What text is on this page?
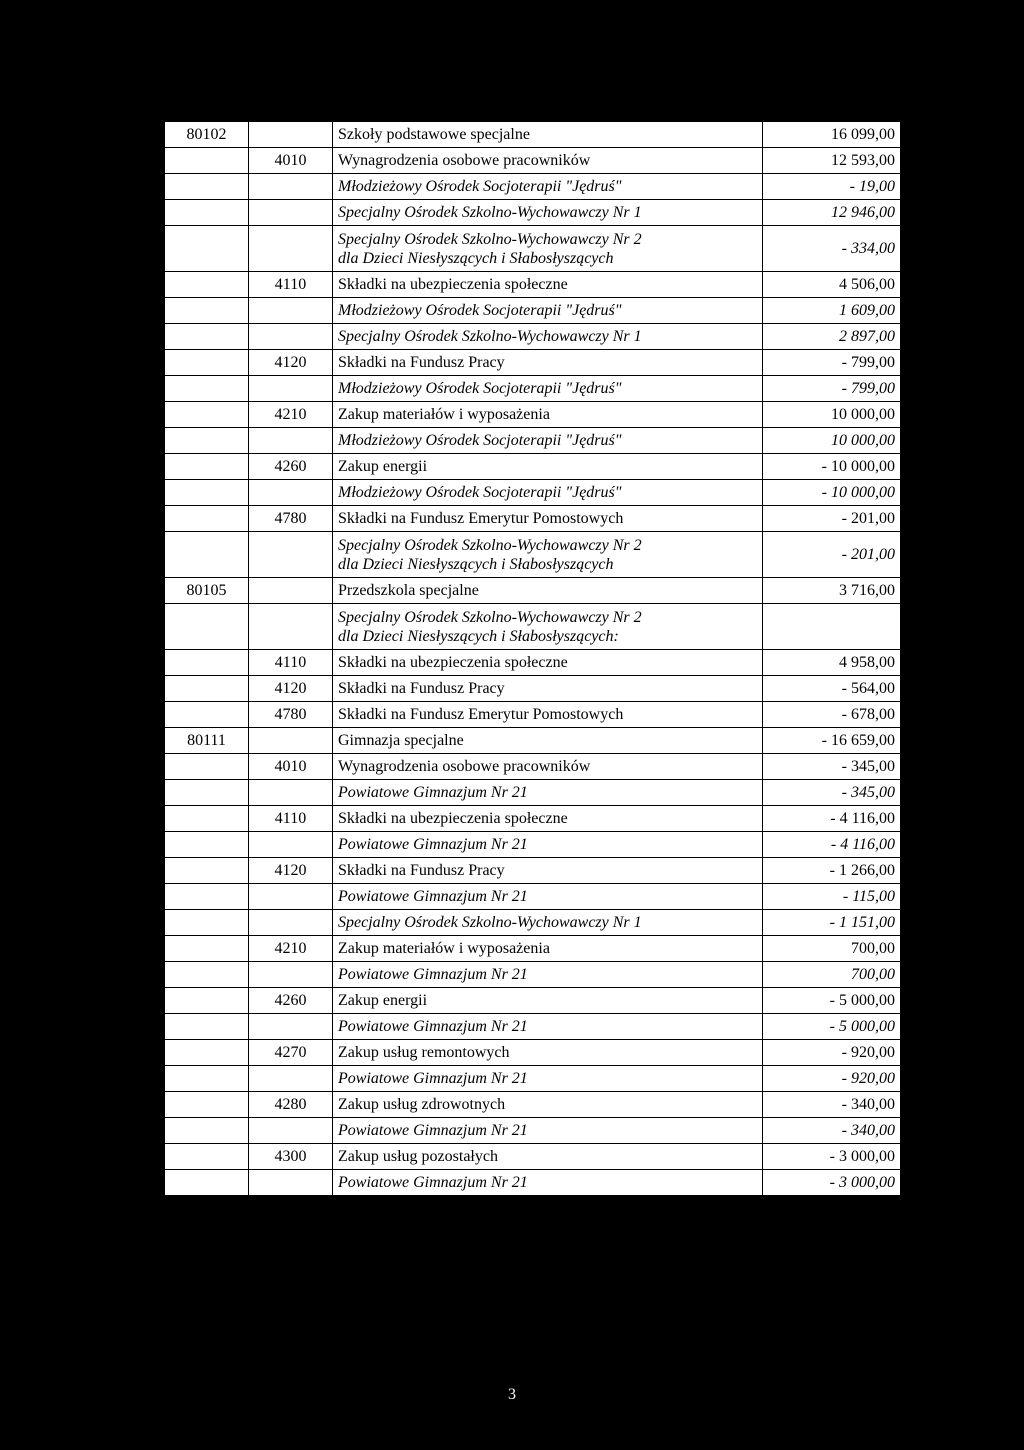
80102		Szkoły podstawowe specjalne	16 099,00
	4010	Wynagrodzenia osobowe pracowników	12 593,00
		Młodzieżowy Ośrodek Socjoterapii "Jędruś"	- 19,00
		Specjalny Ośrodek Szkolno-Wychowawczy Nr 1	12 946,00

		Specjalny Ośrodek Szkolno-Wychowawczy Nr 2
dla Dzieci Niesłyszących i Słabosłyszących	- 334,00
	4110	Składki na ubezpieczenia społeczne	4 506,00
		Młodzieżowy Ośrodek Socjoterapii "Jędruś"	1 609,00
		Specjalny Ośrodek Szkolno-Wychowawczy Nr 1	2 897,00
	4120	Składki na Fundusz Pracy	- 799,00
		Młodzieżowy Ośrodek Socjoterapii "Jędruś"	- 799,00
	4210	Zakup materiałów i wyposażenia	10 000,00
		Młodzieżowy Ośrodek Socjoterapii "Jędruś"	10 000,00
	4260	Zakup energii	- 10 000,00
		Młodzieżowy Ośrodek Socjoterapii "Jędruś"	- 10 000,00
	4780	Składki na Fundusz Emerytur Pomostowych	- 201,00

		Specjalny Ośrodek Szkolno-Wychowawczy Nr 2
dla Dzieci Niesłyszących i Słabosłyszących	- 201,00
80105		Przedszkola specjalne	3 716,00

		Specjalny Ośrodek Szkolno-Wychowawczy Nr 2
dla Dzieci Niesłyszących i Słabosłyszących:	

	4110	Składki na ubezpieczenia społeczne	4 958,00
	4120	Składki na Fundusz Pracy	- 564,00
	4780	Składki na Fundusz Emerytur Pomostowych	- 678,00
80111		Gimnazja specjalne	- 16 659,00
	4010	Wynagrodzenia osobowe pracowników	- 345,00
		Powiatowe Gimnazjum Nr 21	- 345,00
	4110	Składki na ubezpieczenia społeczne	- 4 116,00
		Powiatowe Gimnazjum Nr 21	- 4 116,00
	4120	Składki na Fundusz Pracy	- 1 266,00
		Powiatowe Gimnazjum Nr 21	- 115,00
		Specjalny Ośrodek Szkolno-Wychowawczy Nr 1	- 1 151,00
	4210	Zakup materiałów i wyposażenia	700,00
		Powiatowe Gimnazjum Nr 21	700,00
	4260	Zakup energii	- 5 000,00
		Powiatowe Gimnazjum Nr 21	- 5 000,00
	4270	Zakup usług remontowych	- 920,00
		Powiatowe Gimnazjum Nr 21	- 920,00
	4280	Zakup usług zdrowotnych	- 340,00
		Powiatowe Gimnazjum Nr 21	- 340,00
	4300	Zakup usług pozostałych	- 3 000,00
		Powiatowe Gimnazjum Nr 21	- 3 000,00
3
